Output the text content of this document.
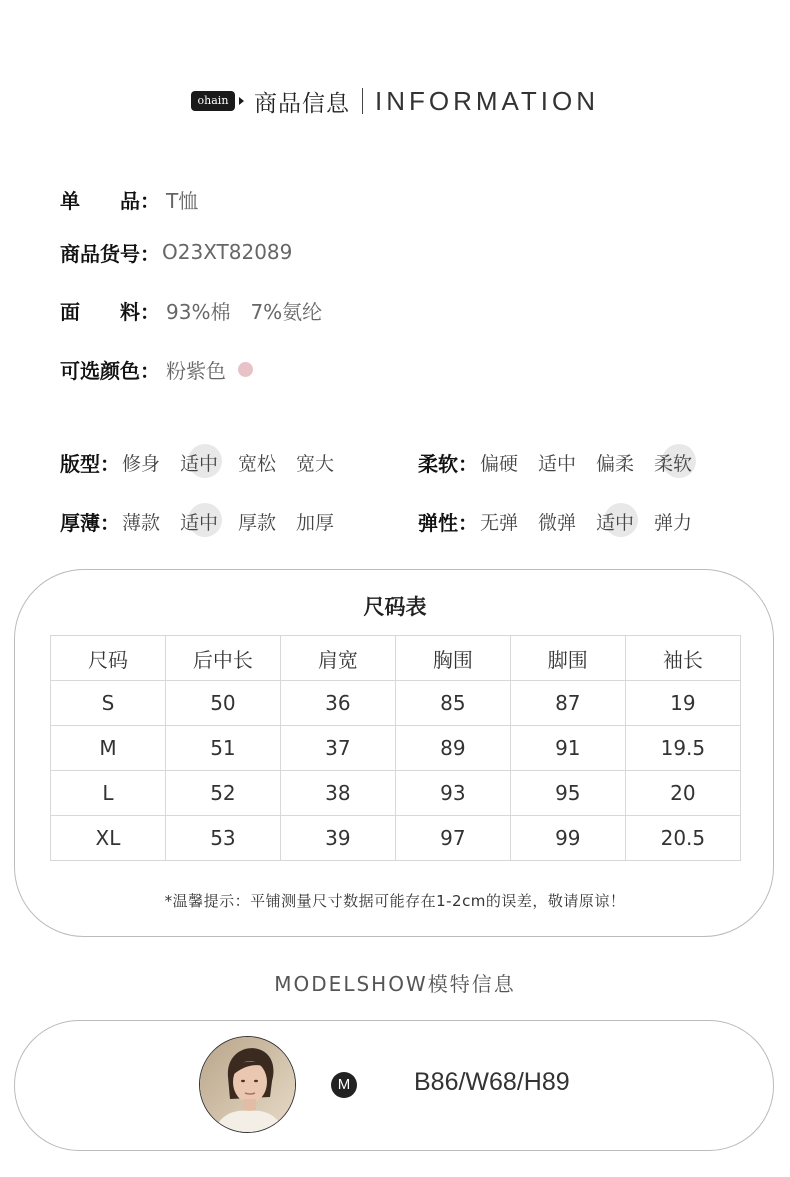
ohain 商品信息 INFORMATION
单　　品： T恤
商品货号： O23XT82089
面　　料： 93%棉　7%氨纶
可选颜色： 粉紫色
版型： 修身 适中 宽松 宽大	柔软： 偏硬 适中 偏柔 柔软
厚薄： 薄款 适中 厚款 加厚	弹性： 无弹 微弹 适中 弹力
尺码表
尺码	后中长	肩宽	胸围	脚围	袖长
S	50	36	85	87	19
M	51	37	89	91	19.5
L	52	38	93	95	20
XL	53	39	97	99	20.5
*温馨提示：平铺测量尺寸数据可能存在1-2cm的误差，敬请原谅！
MODELSHOW模特信息
M	B86/W68/H89
